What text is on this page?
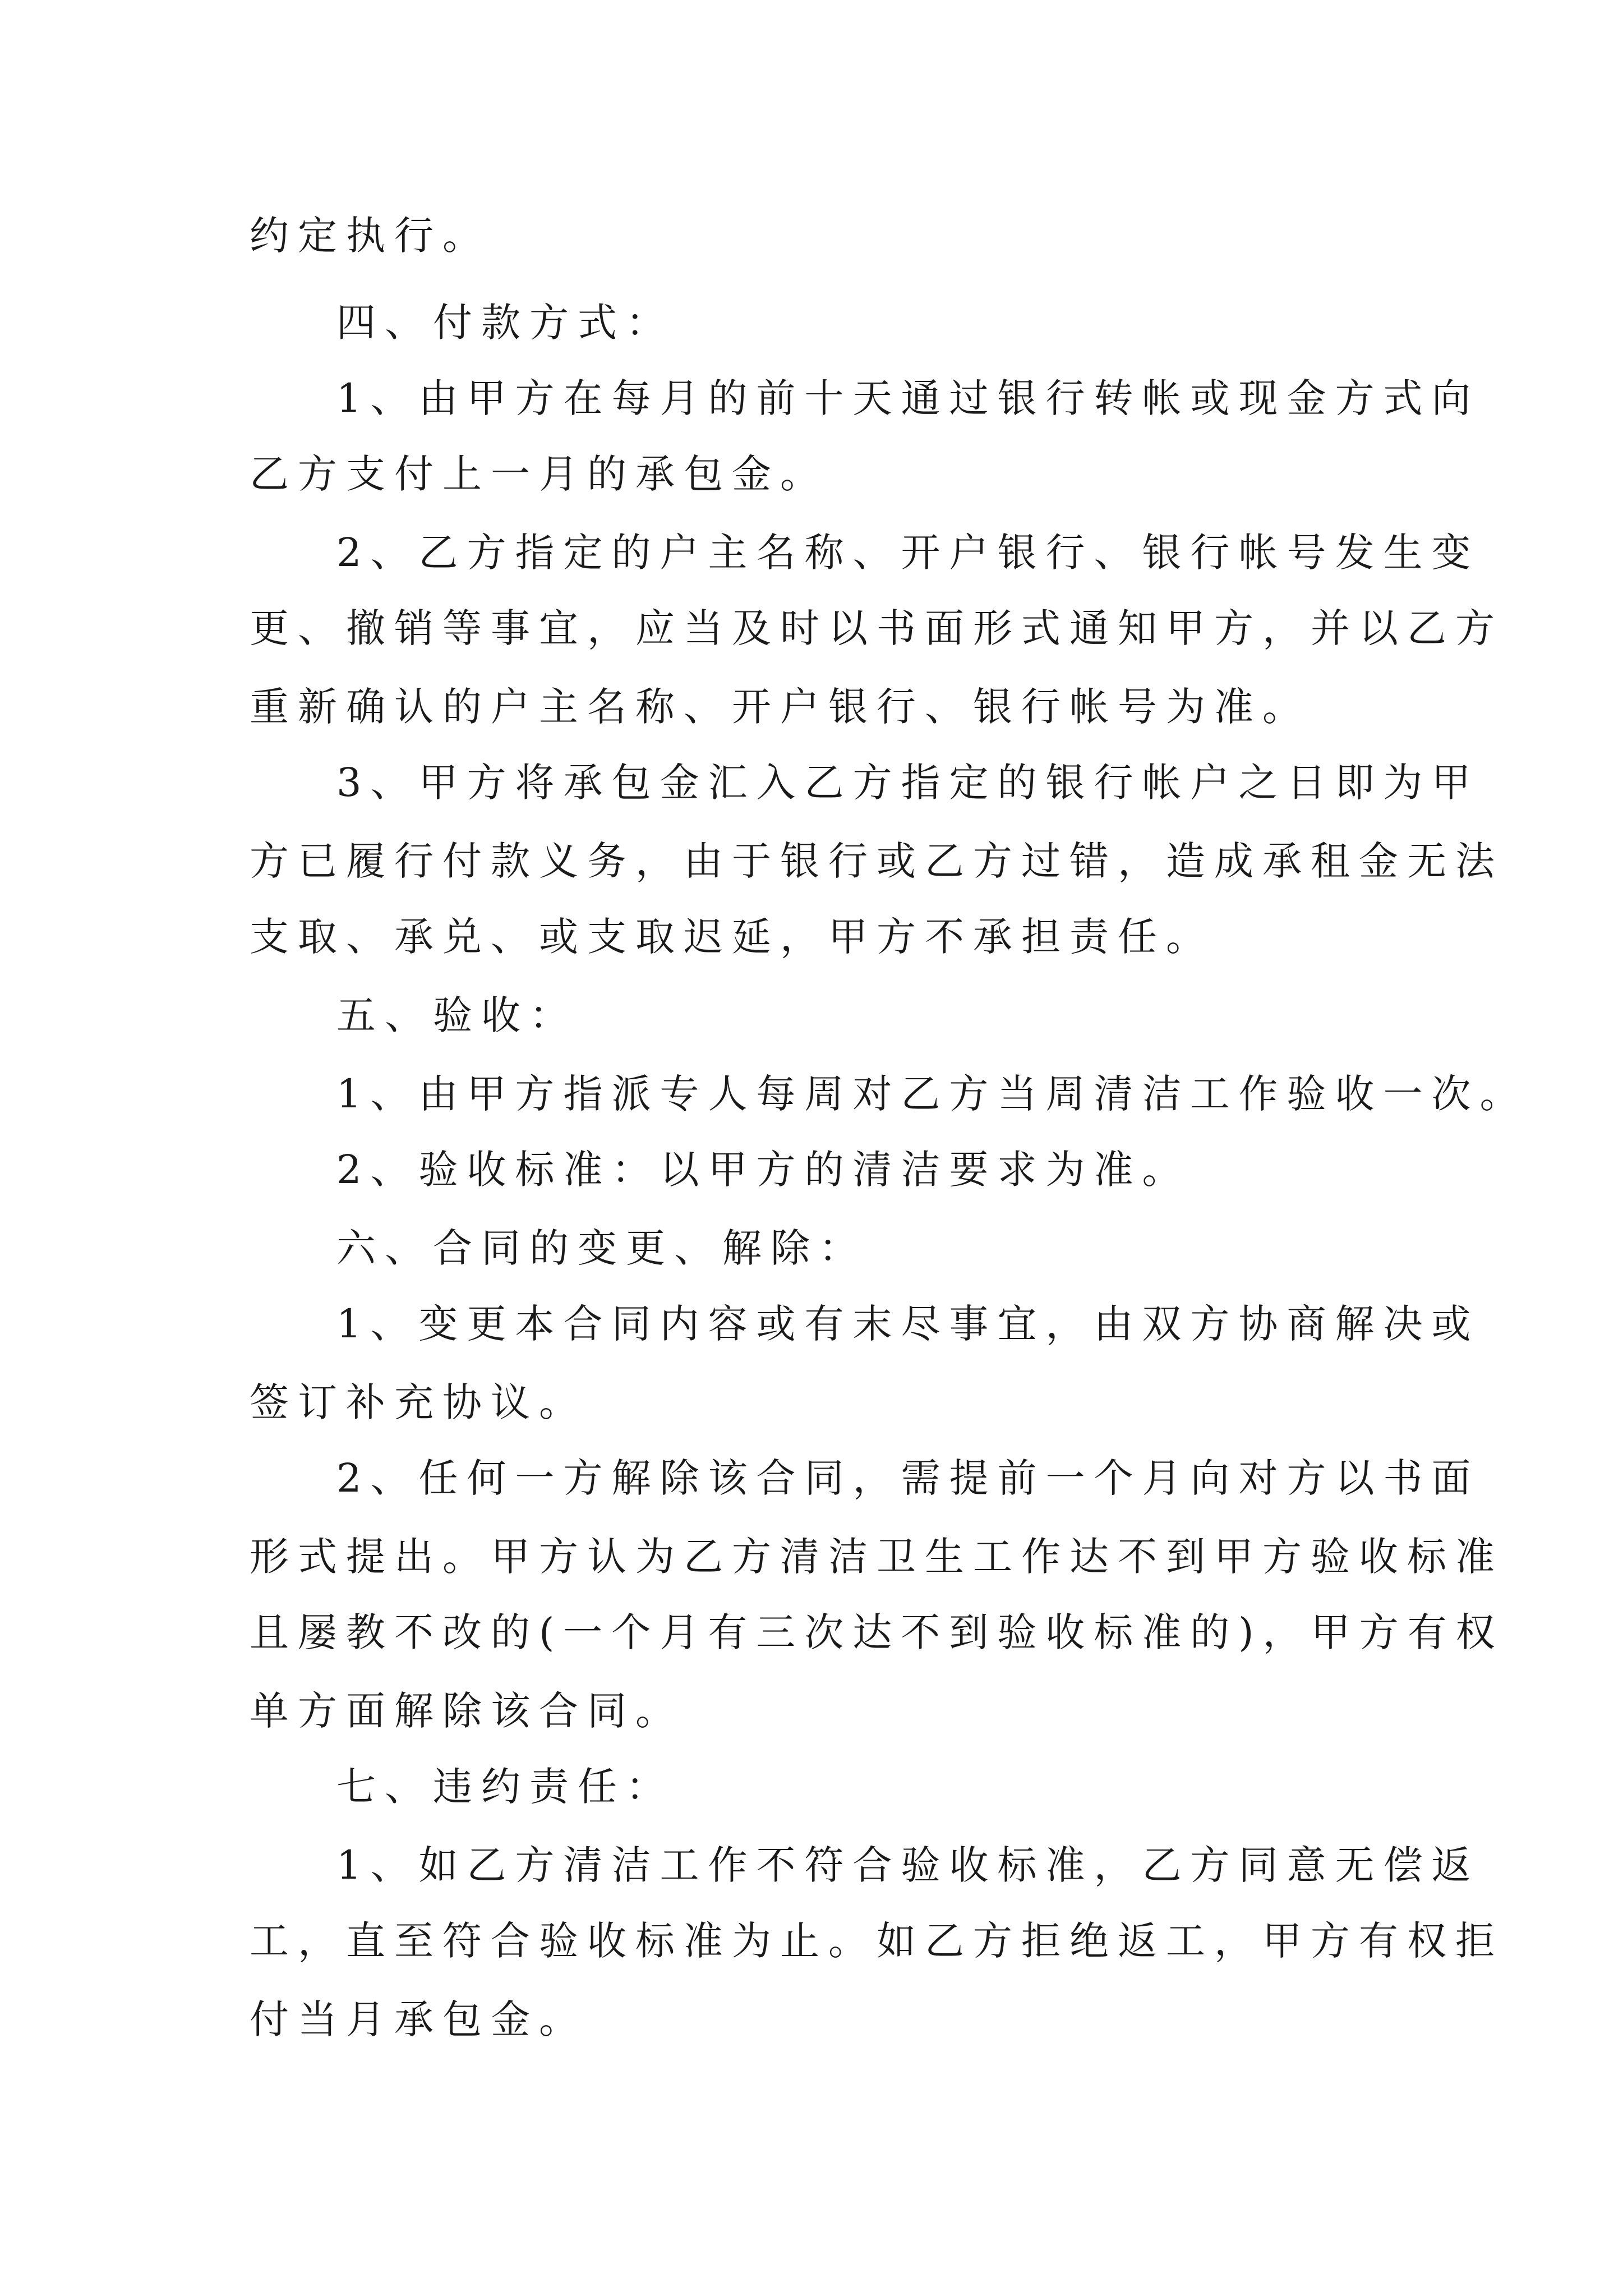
约定执行。
四、付款方式：
1、由甲方在每月的前十天通过银行转帐或现金方式向
乙方支付上一月的承包金。
2、乙方指定的户主名称、开户银行、银行帐号发生变
更、撤销等事宜，应当及时以书面形式通知甲方，并以乙方
重新确认的户主名称、开户银行、银行帐号为准。
3、甲方将承包金汇入乙方指定的银行帐户之日即为甲
方已履行付款义务，由于银行或乙方过错，造成承租金无法
支取、承兑、或支取迟延，甲方不承担责任。
五、验收：
1、由甲方指派专人每周对乙方当周清洁工作验收一次。
2、验收标准：以甲方的清洁要求为准。
六、合同的变更、解除：
1、变更本合同内容或有末尽事宜，由双方协商解决或
签订补充协议。
2、任何一方解除该合同，需提前一个月向对方以书面
形式提出。甲方认为乙方清洁卫生工作达不到甲方验收标准
且屡教不改的(一个月有三次达不到验收标准的)，甲方有权
单方面解除该合同。
七、违约责任：
1、如乙方清洁工作不符合验收标准，乙方同意无偿返
工，直至符合验收标准为止。如乙方拒绝返工，甲方有权拒
付当月承包金。
